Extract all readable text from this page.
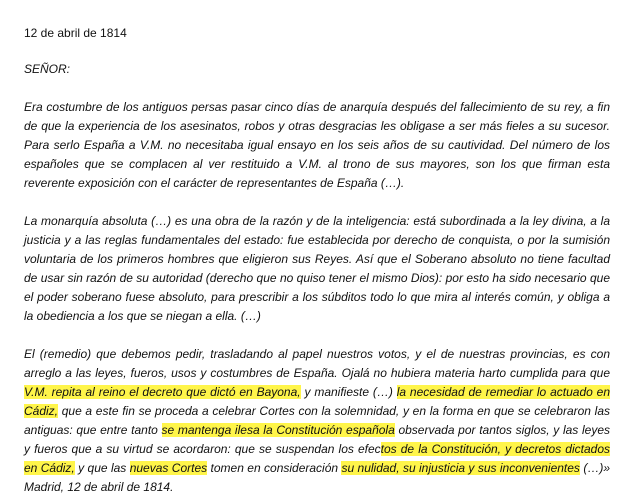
12 de abril de 1814

SEÑOR:

Era costumbre de los antiguos persas pasar cinco días de anarquía después del fallecimiento de su rey, a fin de que la experiencia de los asesinatos, robos y otras desgracias les obligase a ser más fieles a su sucesor. Para serlo España a V.M. no necesitaba igual ensayo en los seis años de su cautividad. Del número de los españoles que se complacen al ver restituido a V.M. al trono de sus mayores, son los que firman esta reverente exposición con el carácter de representantes de España (…).

La monarquía absoluta (…) es una obra de la razón y de la inteligencia: está subordinada a la ley divina, a la justicia y a las reglas fundamentales del estado: fue establecida por derecho de conquista, o por la sumisión voluntaria de los primeros hombres que eligieron sus Reyes. Así que el Soberano absoluto no tiene facultad de usar sin razón de su autoridad (derecho que no quiso tener el mismo Dios): por esto ha sido necesario que el poder soberano fuese absoluto, para prescribir a los súbditos todo lo que mira al interés común, y obliga a la obediencia a los que se niegan a ella. (…)

El (remedio) que debemos pedir, trasladando al papel nuestros votos, y el de nuestras provincias, es con arreglo a las leyes, fueros, usos y costumbres de España. Ojalá no hubiera materia harto cumplida para que V.M. repita al reino el decreto que dictó en Bayona, y manifieste (…) la necesidad de remediar lo actuado en Cádiz, que a este fin se proceda a celebrar Cortes con la solemnidad, y en la forma en que se celebraron las antiguas: que entre tanto se mantenga ilesa la Constitución española observada por tantos siglos, y las leyes y fueros que a su virtud se acordaron: que se suspendan los efectos de la Constitución, y decretos dictados en Cádiz, y que las nuevas Cortes tomen en consideración su nulidad, su injusticia y sus inconvenientes (…)» Madrid, 12 de abril de 1814.
